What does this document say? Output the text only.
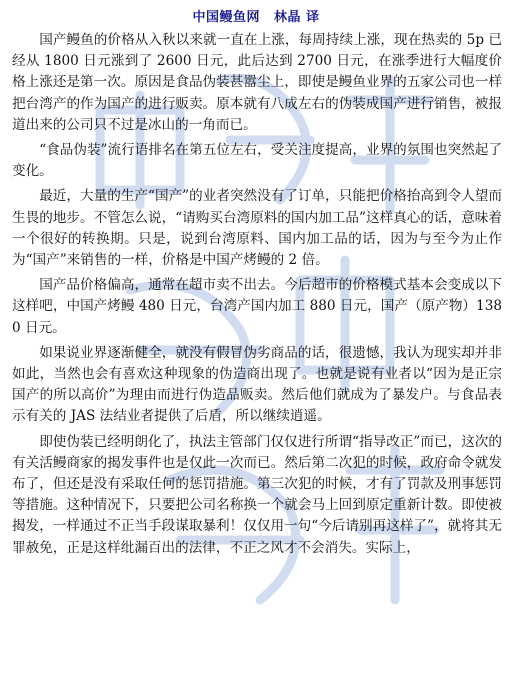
中国鳗鱼网 林晶 译

国产鳗鱼的价格从入秋以来就一直在上涨，每周持续上涨，现在热卖的 5p 已经从 1800 日元涨到了 2600 日元，此后达到 2700 日元，在涨季进行大幅度价格上涨还是第一次。原因是食品伪装甚嚣尘上，即使是鳗鱼业界的五家公司也一样把台湾产的作为国产的进行贩卖。原本就有八成左右的伪装成国产进行销售，被报道出来的公司只不过是冰山的一角而已。

“食品伪装”流行语排名在第五位左右，受关注度提高，业界的氛围也突然起了变化。

最近，大量的生产“国产”的业者突然没有了订单，只能把价格抬高到令人望而生畏的地步。不管怎么说，“请购买台湾原料的国内加工品”这样真心的话，意味着一个很好的转换期。只是，说到台湾原料、国内加工品的话，因为与至今为止作为“国产”来销售的一样，价格是中国产烤鳗的 2 倍。

国产品价格偏高，通常在超市卖不出去。今后超市的价格模式基本会变成以下这样吧，中国产烤鳗 480 日元，台湾产国内加工 880 日元，国产（原产物）1380 日元。

如果说业界逐渐健全，就没有假冒伪劣商品的话，很遗憾，我认为现实却并非如此，当然也会有喜欢这种现象的伪造商出现了。也就是说有业者以“因为是正宗国产的所以高价”为理由而进行伪造品贩卖。然后他们就成为了暴发户。与食品表示有关的 JAS 法结业者提供了后盾，所以继续逍遥。

即使伪装已经明朗化了，执法主管部门仅仅进行所谓“指导改正”而已，这次的有关活鳗商家的揭发事件也是仅此一次而已。然后第二次犯的时候，政府命令就发布了，但还是没有采取任何的惩罚措施。第三次犯的时候，才有了罚款及刑事惩罚等措施。这种情况下，只要把公司名称换一个就会马上回到原定重新计数。即使被揭发，一样通过不正当手段谋取暴利！仅仅用一句“今后请别再这样了”，就将其无罪赦免，正是这样纰漏百出的法律，不正之风才不会消失。实际上，
